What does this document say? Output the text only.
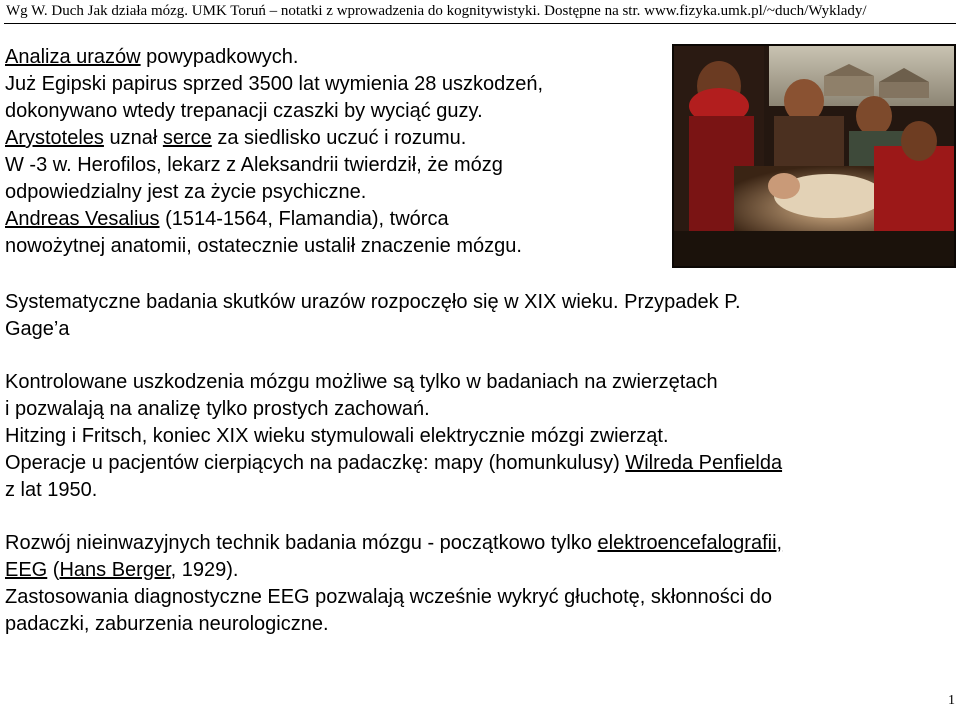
Wg W. Duch Jak działa mózg. UMK Toruń – notatki z wprowadzenia do kognitywistyki. Dostępne na str. www.fizyka.umk.pl/~duch/Wyklady/
Analiza urazów powypadkowych.
Już Egipski papirus sprzed 3500 lat wymienia 28 uszkodzeń,
dokonywano wtedy trepanacji czaszki by wyciąć guzy.
Arystoteles uznał serce za siedlisko uczuć i rozumu.
W -3 w. Herofilos, lekarz z Aleksandrii twierdził, że mózg
odpowiedzialny jest za życie psychiczne.
Andreas Vesalius (1514-1564, Flamandia), twórca
nowożytnej anatomii, ostatecznie ustalił znaczenie mózgu.
Systematyczne badania skutków urazów rozpoczęło się w XIX wieku. Przypadek P.
Gage’a
Kontrolowane uszkodzenia mózgu możliwe są tylko w badaniach na zwierzętach
i pozwalają na analizę tylko prostych zachowań.
Hitzing i Fritsch, koniec XIX wieku stymulowali elektrycznie mózgi zwierząt.
Operacje u pacjentów cierpiących na padaczkę: mapy (homunkulusy) Wilreda Penfielda
z lat 1950.
Rozwój nieinwazyjnych technik badania mózgu - początkowo tylko elektroencefalografii,
EEG (Hans Berger, 1929).
Zastosowania diagnostyczne EEG pozwalają wcześnie wykryć głuchotę, skłonności do
padaczki, zaburzenia neurologiczne.
1
